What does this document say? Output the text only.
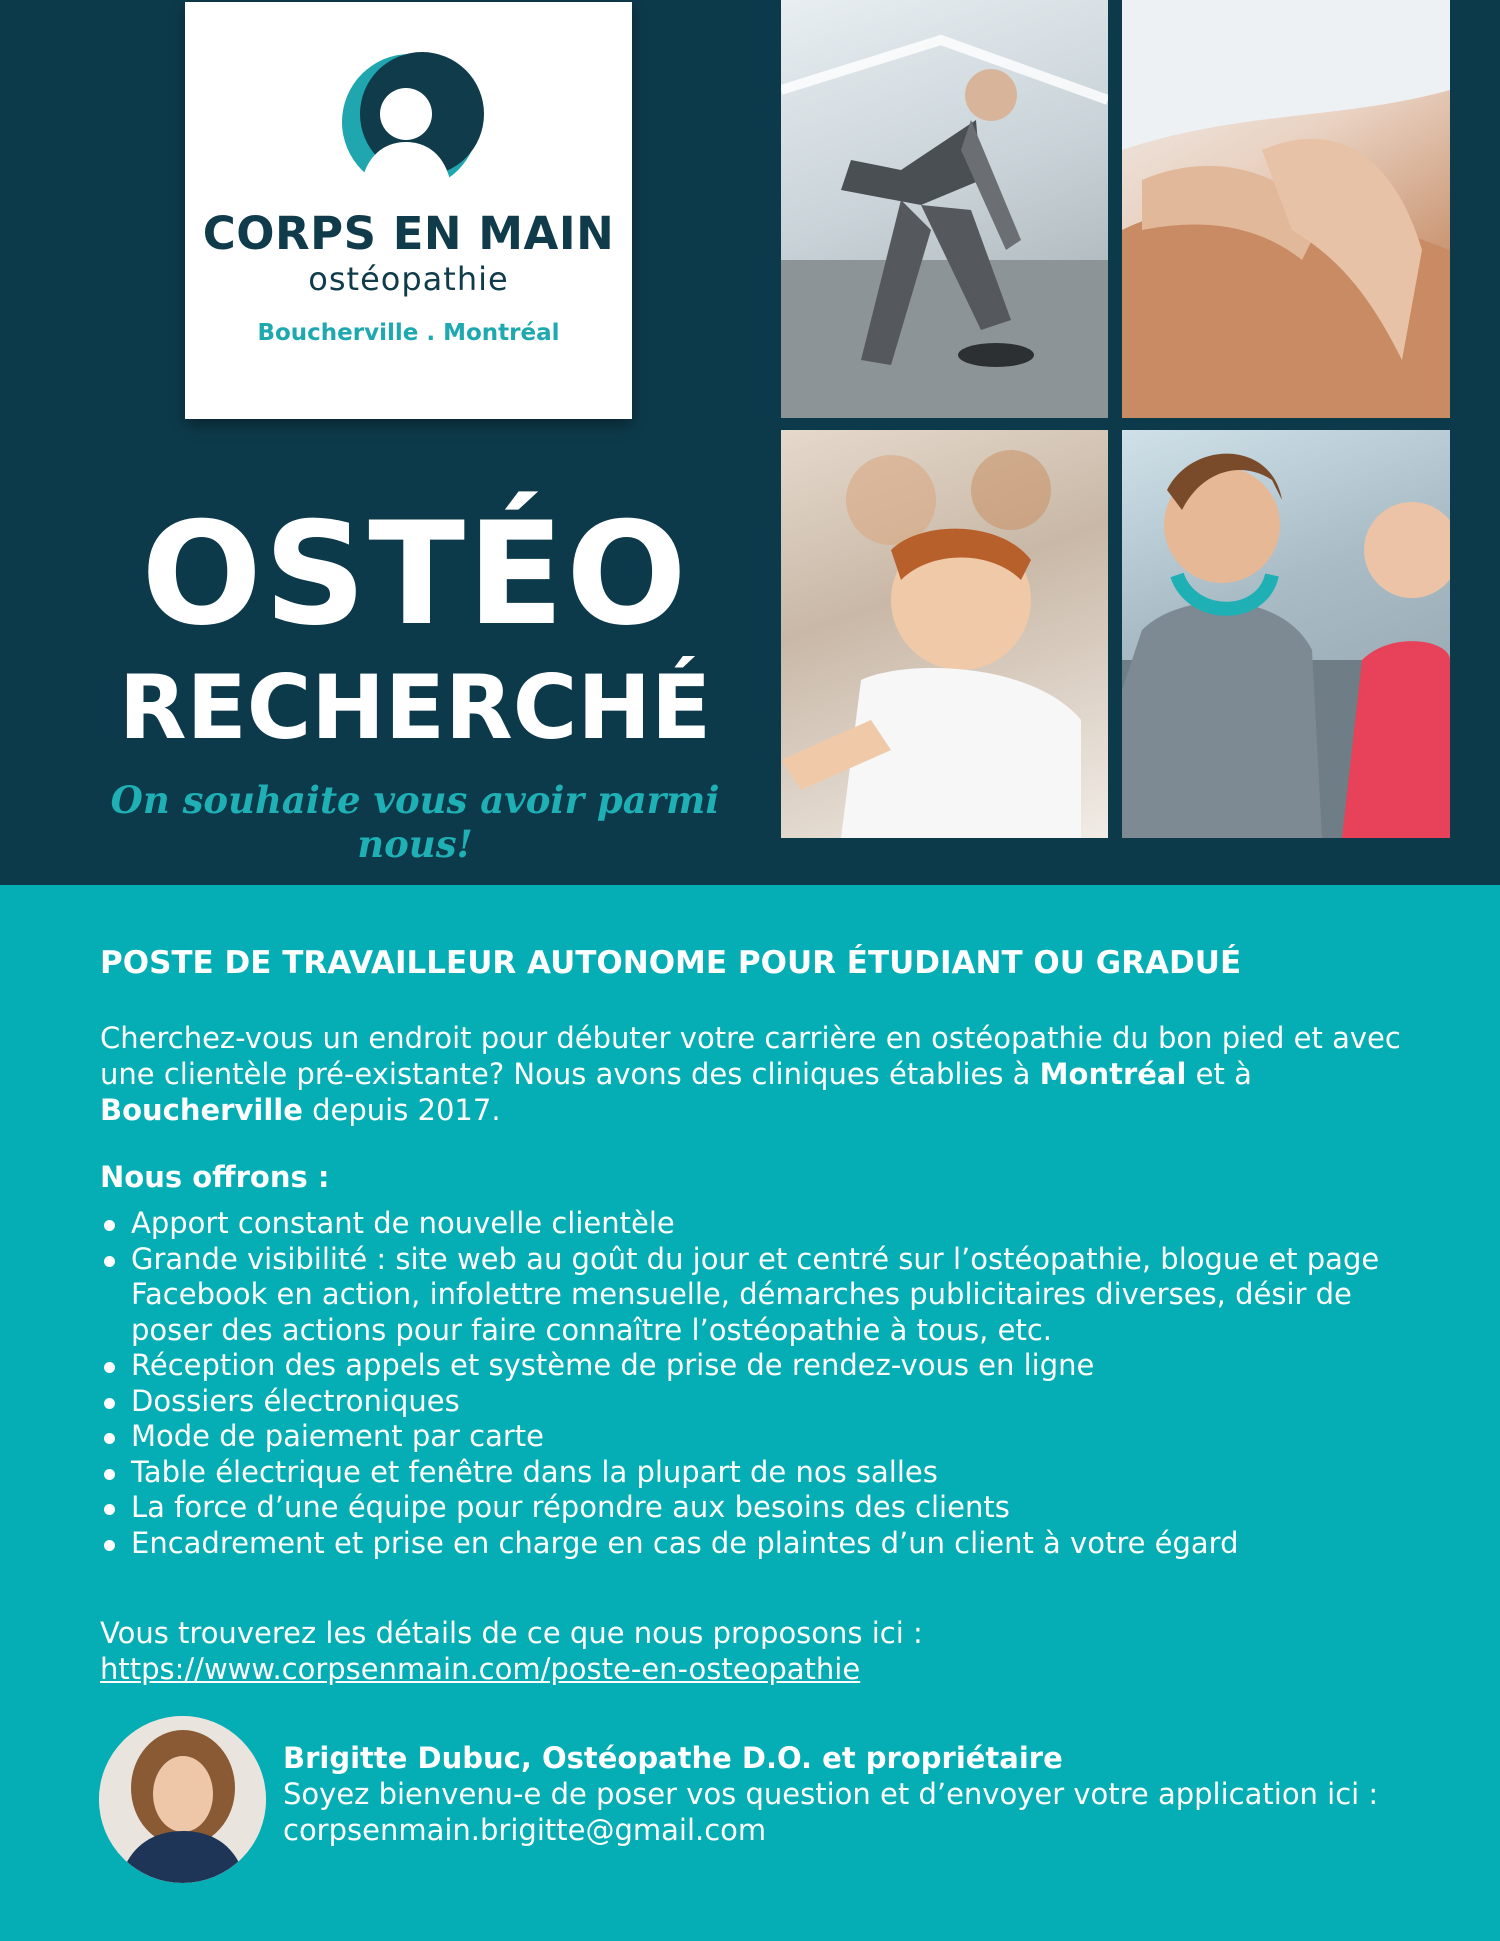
CORPS EN MAIN
ostéopathie
Boucherville . Montréal
OSTÉO
RECHERCHÉ
On souhaite vous avoir parmi nous!
POSTE DE TRAVAILLEUR AUTONOME POUR ÉTUDIANT OU GRADUÉ

Cherchez-vous un endroit pour débuter votre carrière en ostéopathie du bon pied et avec une clientèle pré-existante? Nous avons des cliniques établies à Montréal et à Boucherville depuis 2017.

Nous offrons :
Apport constant de nouvelle clientèle
Grande visibilité : site web au goût du jour et centré sur l’ostéopathie, blogue et page Facebook en action, infolettre mensuelle, démarches publicitaires diverses, désir de poser des actions pour faire connaître l’ostéopathie à tous, etc.
Réception des appels et système de prise de rendez-vous en ligne
Dossiers électroniques
Mode de paiement par carte
Table électrique et fenêtre dans la plupart de nos salles
La force d’une équipe pour répondre aux besoins des clients
Encadrement et prise en charge en cas de plaintes d’un client à votre égard
Vous trouverez les détails de ce que nous proposons ici :
https://www.corpsenmain.com/poste-en-osteopathie
Brigitte Dubuc, Ostéopathe D.O. et propriétaire
Soyez bienvenu-e de poser vos question et d’envoyer votre application ici :
corpsenmain.brigitte@gmail.com
